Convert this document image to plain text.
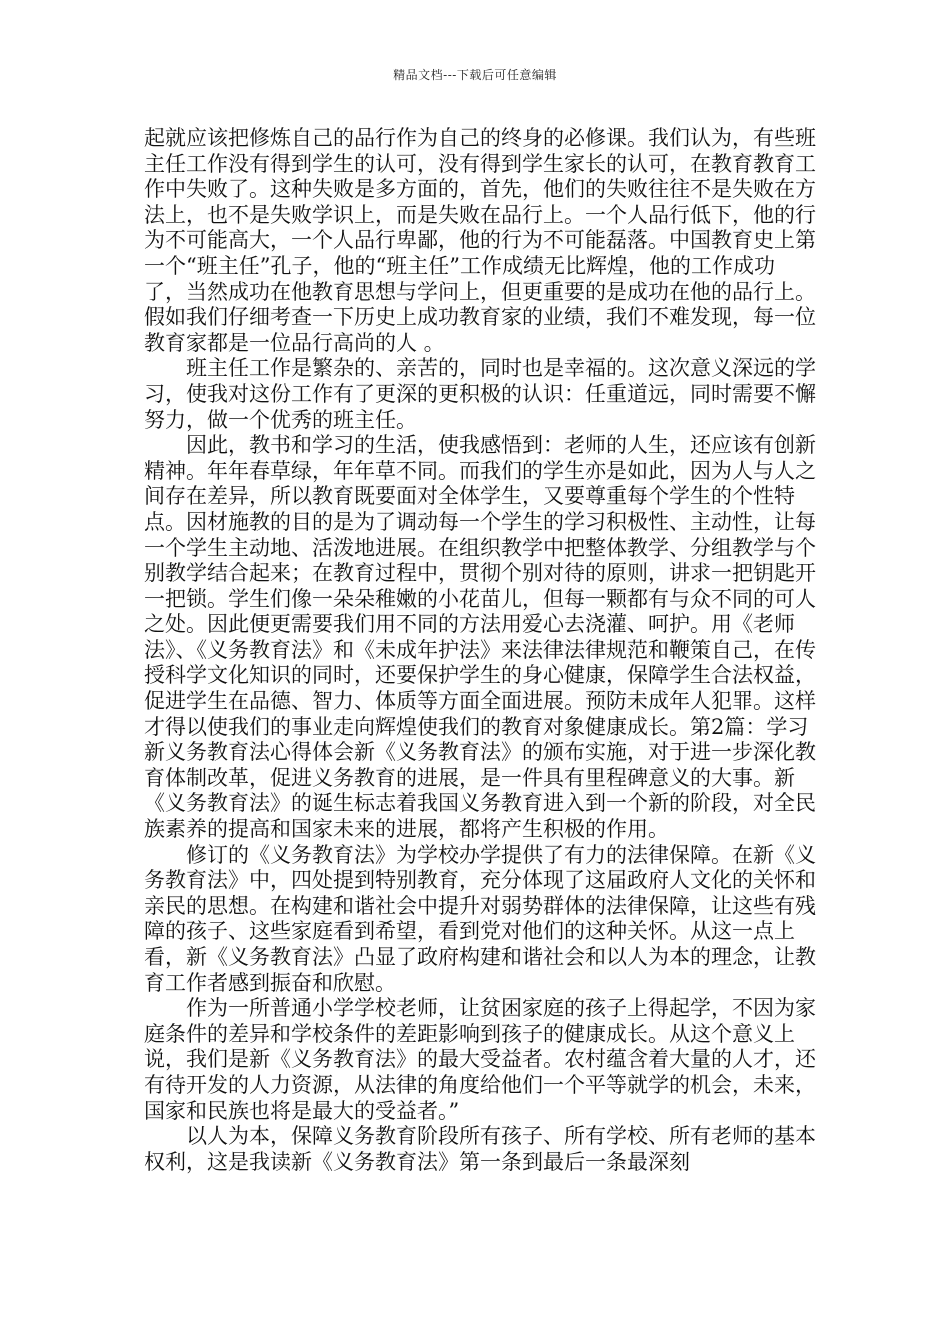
精品文档---下载后可任意编辑

起就应该把修炼自己的品行作为自己的终身的必修课。我们认为，有些班主任工作没有得到学生的认可，没有得到学生家长的认可，在教育教育工作中失败了。这种失败是多方面的，首先，他们的失败往往不是失败在方法上，也不是失败学识上，而是失败在品行上。一个人品行低下，他的行为不可能高大，一个人品行卑鄙，他的行为不可能磊落。中国教育史上第一个“班主任”孔子，他的“班主任”工作成绩无比辉煌，他的工作成功了，当然成功在他教育思想与学问上，但更重要的是成功在他的品行上。假如我们仔细考查一下历史上成功教育家的业绩，我们不难发现，每一位教育家都是一位品行高尚的人 。

班主任工作是繁杂的、亲苦的，同时也是幸福的。这次意义深远的学习，使我对这份工作有了更深的更积极的认识：任重道远，同时需要不懈努力，做一个优秀的班主任。

因此，教书和学习的生活，使我感悟到：老师的人生，还应该有创新精神。年年春草绿，年年草不同。而我们的学生亦是如此，因为人与人之间存在差异，所以教育既要面对全体学生，又要尊重每个学生的个性特点。因材施教的目的是为了调动每一个学生的学习积极性、主动性，让每一个学生主动地、活泼地进展。在组织教学中把整体教学、分组教学与个别教学结合起来；在教育过程中，贯彻个别对待的原则，讲求一把钥匙开一把锁。学生们像一朵朵稚嫩的小花苗儿，但每一颗都有与众不同的可人之处。因此便更需要我们用不同的方法用爱心去浇灌、呵护。用《老师法》、《义务教育法》和《未成年护法》来法律法律规范和鞭策自己，在传授科学文化知识的同时，还要保护学生的身心健康，保障学生合法权益，促进学生在品德、智力、体质等方面全面进展。预防未成年人犯罪。这样才得以使我们的事业走向辉煌使我们的教育对象健康成长。第2篇：学习新义务教育法心得体会新《义务教育法》的颁布实施，对于进一步深化教育体制改革，促进义务教育的进展，是一件具有里程碑意义的大事。新《义务教育法》的诞生标志着我国义务教育进入到一个新的阶段，对全民族素养的提高和国家未来的进展，都将产生积极的作用。

修订的《义务教育法》为学校办学提供了有力的法律保障。在新《义务教育法》中，四处提到特别教育，充分体现了这届政府人文化的关怀和亲民的思想。在构建和谐社会中提升对弱势群体的法律保障，让这些有残障的孩子、这些家庭看到希望，看到党对他们的这种关怀。从这一点上看，新《义务教育法》凸显了政府构建和谐社会和以人为本的理念，让教育工作者感到振奋和欣慰。

作为一所普通小学学校老师，让贫困家庭的孩子上得起学，不因为家庭条件的差异和学校条件的差距影响到孩子的健康成长。从这个意义上说，我们是新《义务教育法》的最大受益者。农村蕴含着大量的人才，还有待开发的人力资源，从法律的角度给他们一个平等就学的机会，未来，国家和民族也将是最大的受益者。”

以人为本，保障义务教育阶段所有孩子、所有学校、所有老师的基本权利，这是我读新《义务教育法》第一条到最后一条最深刻
